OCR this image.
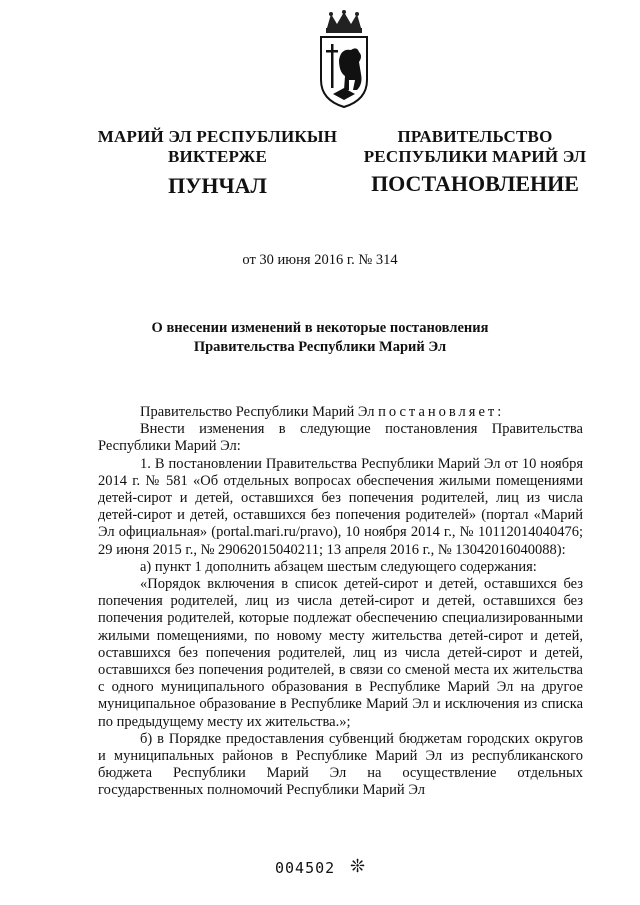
МАРИЙ ЭЛ РЕСПУБЛИКЫН
ВИКТЕРЖЕ
ПРАВИТЕЛЬСТВО
РЕСПУБЛИКИ МАРИЙ ЭЛ
ПУНЧАЛ	ПОСТАНОВЛЕНИЕ
от 30 июня 2016 г. № 314
О внесении изменений в некоторые постановления
Правительства Республики Марий Эл

Правительство Республики Марий Эл постановляет:

Внести изменения в следующие постановления Правительства Республики Марий Эл:

1. В постановлении Правительства Республики Марий Эл от 10 ноября 2014 г. № 581 «Об отдельных вопросах обеспечения жилыми помещениями детей-сирот и детей, оставшихся без попечения родителей, лиц из числа детей-сирот и детей, оставшихся без попечения родителей» (портал «Марий Эл официальная» (portal.mari.ru/pravo), 10 ноября 2014 г., № 10112014040476; 29 июня 2015 г., № 29062015040211; 13 апреля 2016 г., № 13042016040088):

а) пункт 1 дополнить абзацем шестым следующего содержания:

«Порядок включения в список детей-сирот и детей, оставшихся без попечения родителей, лиц из числа детей-сирот и детей, оставшихся без попечения родителей, которые подлежат обеспечению специализированными жилыми помещениями, по новому месту жительства детей-сирот и детей, оставшихся без попечения родителей, лиц из числа детей-сирот и детей, оставшихся без попечения родителей, в связи со сменой места их жительства с одного муниципального образования в Республике Марий Эл на другое муниципальное образование в Республике Марий Эл и исключения из списка по предыдущему месту их жительства.»;

б) в Порядке предоставления субвенций бюджетам городских округов и муниципальных районов в Республике Марий Эл из республиканского бюджета Республики Марий Эл на осуществление отдельных государственных полномочий Республики Марий Эл

004502 ❊
